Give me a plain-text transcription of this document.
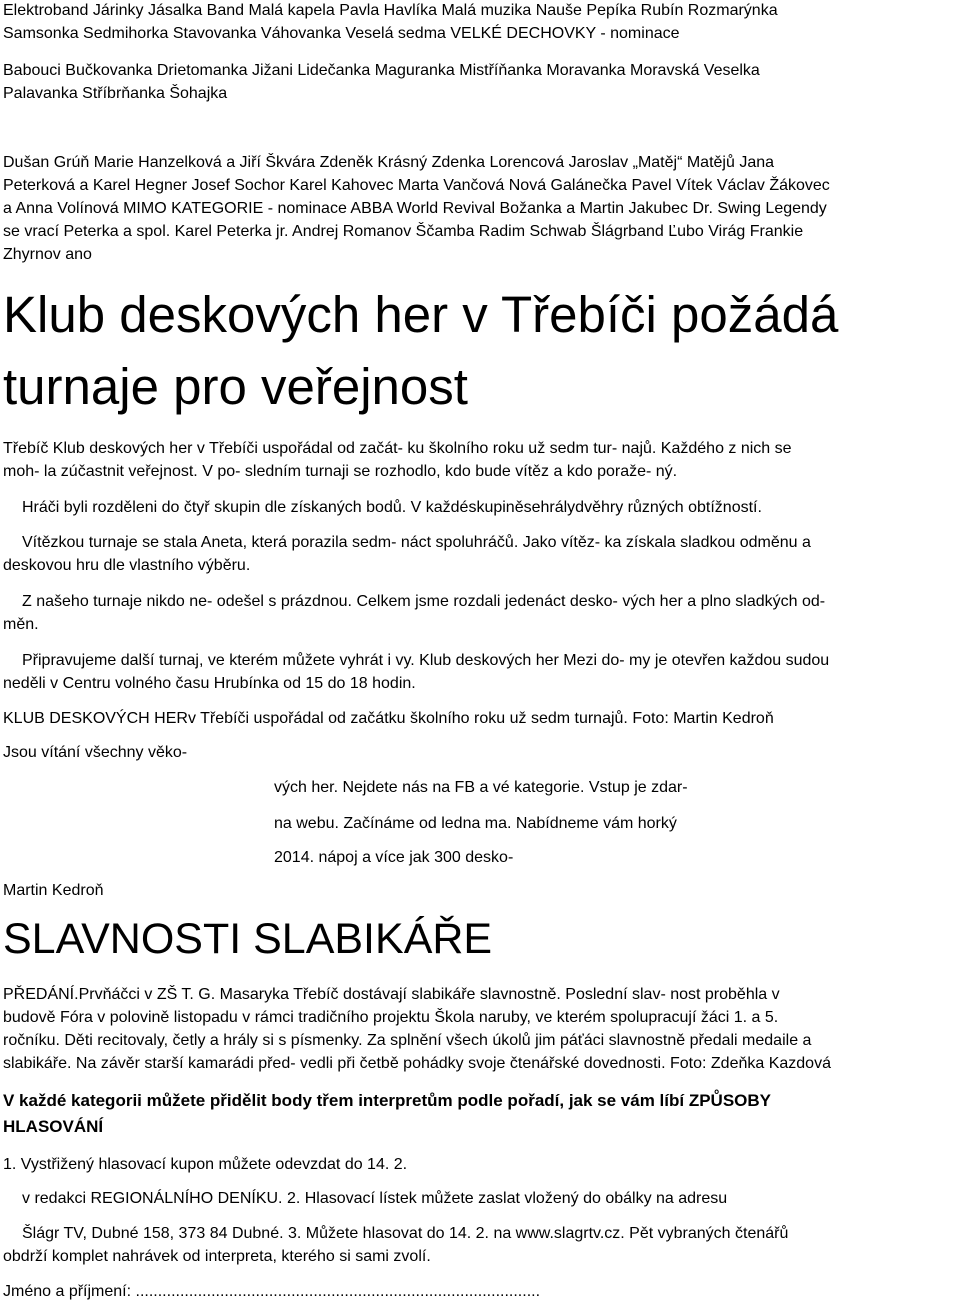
Elektroband Járinky Jásalka Band Malá kapela Pavla Havlíka Malá muzika Nauše Pepíka Rubín Rozmarýnka
Samsonka Sedmihorka Stavovanka Váhovanka Veselá sedma VELKÉ DECHOVKY - nominace
Babouci Bučkovanka Drietomanka Jižani Lidečanka Maguranka Mistříňanka Moravanka Moravská Veselka
Palavanka Stříbrňanka Šohajka
Dušan Grúň Marie Hanzelková a Jiří Škvára Zdeněk Krásný Zdenka Lorencová Jaroslav „Matěj“ Matějů Jana
Peterková a Karel Hegner Josef Sochor Karel Kahovec Marta Vančová Nová Galánečka Pavel Vítek Václav Žákovec
a Anna Volínová MIMO KATEGORIE - nominace ABBA World Revival Božanka a Martin Jakubec Dr. Swing Legendy
se vrací Peterka a spol. Karel Peterka jr. Andrej Romanov Ščamba Radim Schwab Šlágrband Ľubo Virág Frankie
Zhyrnov ano
Klub deskových her v Třebíči požádá
turnaje pro veřejnost
Třebíč Klub deskových her v Třebíči uspořádal od začát- ku školního roku už sedm tur- najů. Každého z nich se
moh- la zúčastnit veřejnost. V po- sledním turnaji se rozhodlo, kdo bude vítěz a kdo poraže- ný.
Hráči byli rozděleni do čtyř skupin dle získaných bodů. V každéskupiněsehrálydvěhry různých obtížností.
Vítězkou turnaje se stala Aneta, která porazila sedm- náct spoluhráčů. Jako vítěz- ka získala sladkou odměnu a
deskovou hru dle vlastního výběru.
Z našeho turnaje nikdo ne- odešel s prázdnou. Celkem jsme rozdali jedenáct desko- vých her a plno sladkých od-
měn.
Připravujeme další turnaj, ve kterém můžete vyhrát i vy. Klub deskových her Mezi do- my je otevřen každou sudou
neděli v Centru volného času Hrubínka od 15 do 18 hodin.
KLUB DESKOVÝCH HERv Třebíči uspořádal od začátku školního roku už sedm turnajů. Foto: Martin Kedroň
Jsou vítání všechny věko-
vých her. Nejdete nás na FB a vé kategorie. Vstup je zdar-
na webu. Začínáme od ledna ma. Nabídneme vám horký
2014. nápoj a více jak 300 desko-
Martin Kedroň
SLAVNOSTI SLABIKÁŘE
PŘEDÁNÍ.Prvňáčci v ZŠ T. G. Masaryka Třebíč dostávají slabikáře slavnostně. Poslední slav- nost proběhla v
budově Fóra v polovině listopadu v rámci tradičního projektu Škola naruby, ve kterém spolupracují žáci 1. a 5.
ročníku. Děti recitovaly, četly a hrály si s písmenky. Za splnění všech úkolů jim páťáci slavnostně předali medaile a
slabikáře. Na závěr starší kamarádi před- vedli při četbě pohádky svoje čtenářské dovednosti. Foto: Zdeňka Kazdová
V každé kategorii můžete přidělit body třem interpretům podle pořadí, jak se vám líbí ZPŮSOBY
HLASOVÁNÍ
1. Vystřižený hlasovací kupon můžete odevzdat do 14. 2.
v redakci REGIONÁLNÍHO DENÍKU. 2. Hlasovací lístek můžete zaslat vložený do obálky na adresu
Šlágr TV, Dubné 158, 373 84 Dubné. 3. Můžete hlasovat do 14. 2. na www.slagrtv.cz. Pět vybraných čtenářů
obdrží komplet nahrávek od interpreta, kterého si sami zvolí.
Jméno a příjmení: ...........................................................................................
